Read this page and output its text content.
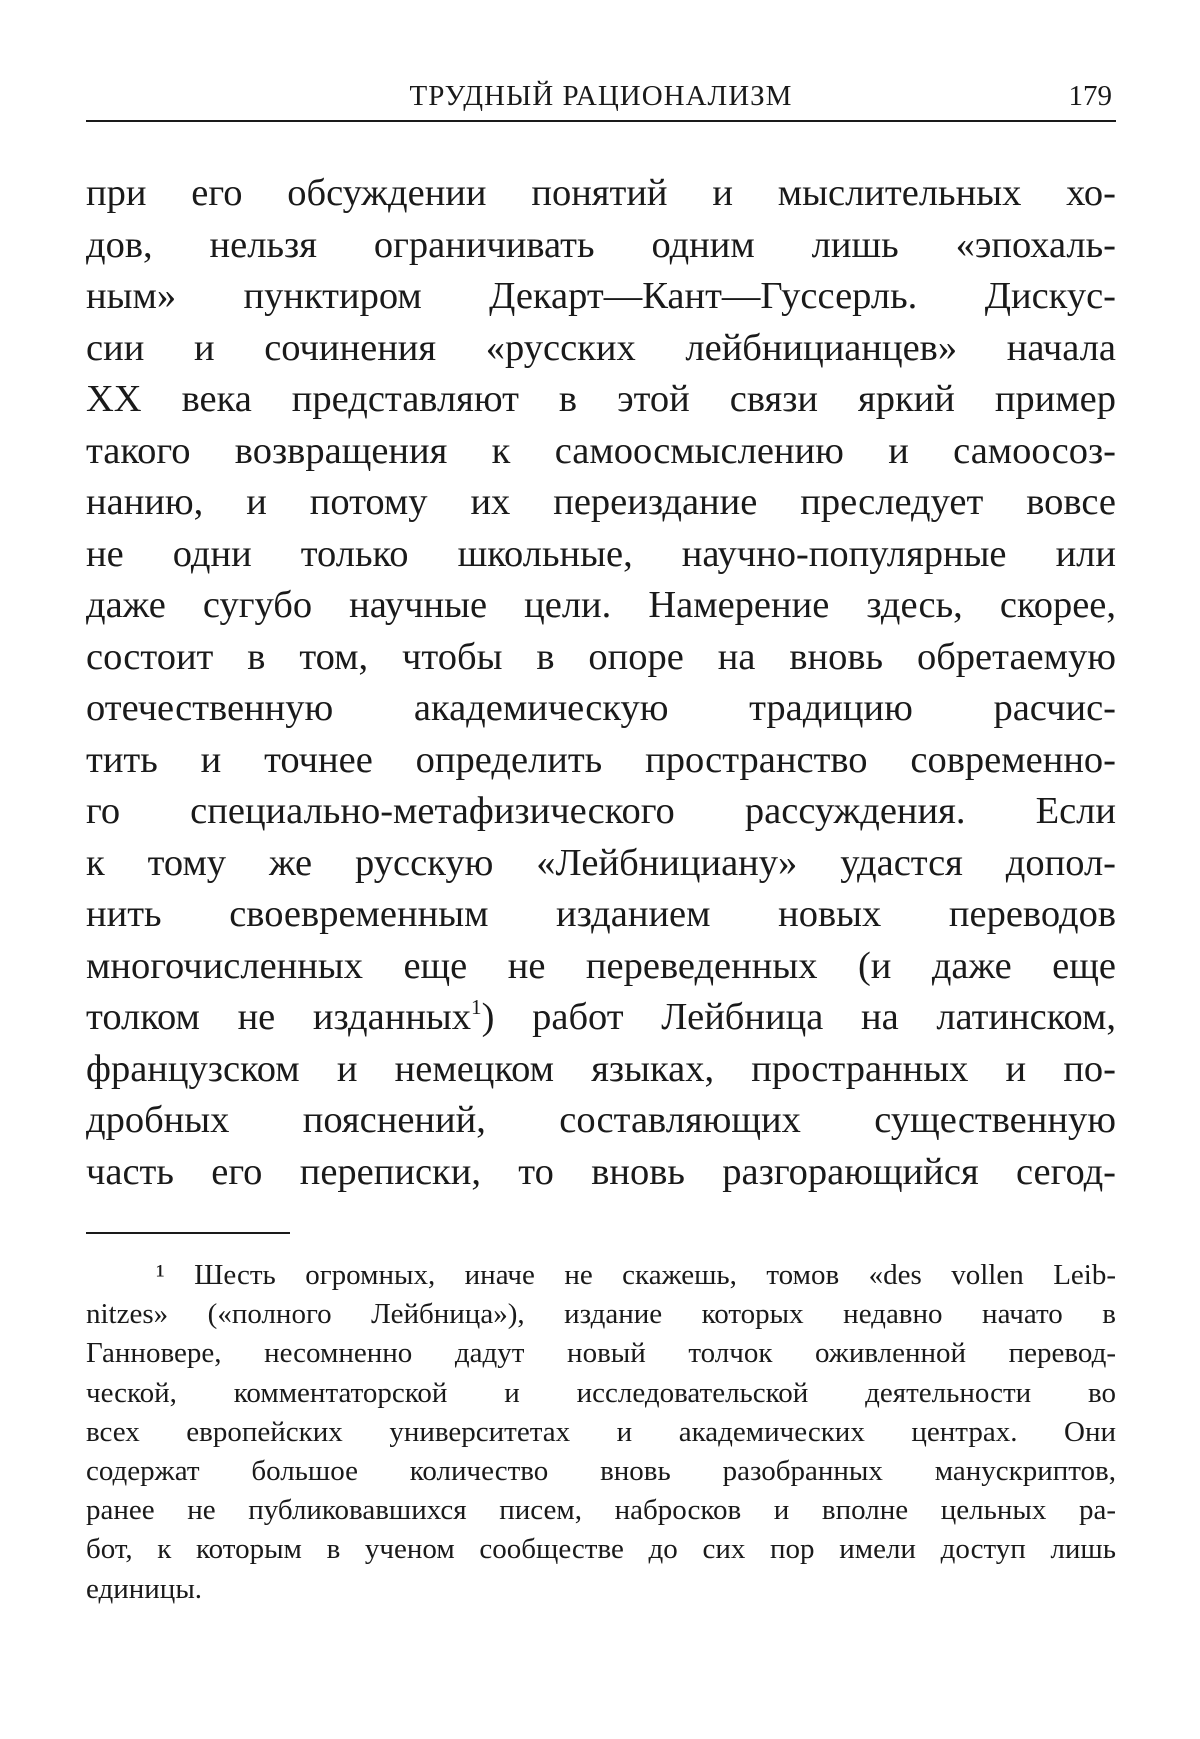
ТРУДНЫЙ РАЦИОНАЛИЗМ	179
при его обсуждении понятий и мыслительных хо-
дов, нельзя ограничивать одним лишь «эпохаль-
ным» пунктиром Декарт—Кант—Гуссерль. Дискус-
сии и сочинения «русских лейбницианцев» начала
XX века представляют в этой связи яркий пример
такого возвращения к самоосмыслению и самоосоз-
нанию, и потому их переиздание преследует вовсе
не одни только школьные, научно-популярные или
даже сугубо научные цели. Намерение здесь, скорее,
состоит в том, чтобы в опоре на вновь обретаемую
отечественную академическую традицию расчис-
тить и точнее определить пространство современно-
го специально-метафизического рассуждения. Если
к тому же русскую «Лейбницианy» удастся допол-
нить своевременным изданием новых переводов
многочисленных еще не переведенных (и даже еще
толком не изданных$^1$) работ Лейбница на латинском,
французском и немецком языках, пространных и по-
дробных пояснений, составляющих существенную
часть его переписки, то вновь разгорающийся сегод-
¹ Шесть огромных, иначе не скажешь, томов «des vollen Leib-
nitzes» («полного Лейбница»), издание которых недавно начато в
Ганновере, несомненно дадут новый толчок оживленной перевод-
ческой, комментаторской и исследовательской деятельности во
всех европейских университетах и академических центрах. Они
содержат большое количество вновь разобранных манускриптов,
ранее не публиковавшихся писем, набросков и вполне цельных ра-
бот, к которым в ученом сообществе до сих пор имели доступ лишь
единицы.
